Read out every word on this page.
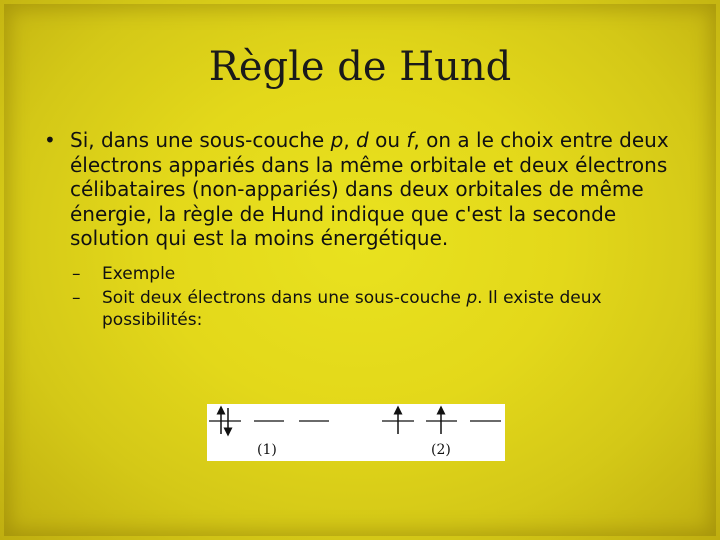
Règle de Hund
• Si, dans une sous-couche p, d ou f, on a le choix entre deux électrons appariés dans la même orbitale et deux électrons célibataires (non-appariés) dans deux orbitales de même énergie, la règle de Hund indique que c'est la seconde solution qui est la moins énergétique.
– Exemple
– Soit deux électrons dans une sous-couche p. Il existe deux possibilités:
(1)	(2)
